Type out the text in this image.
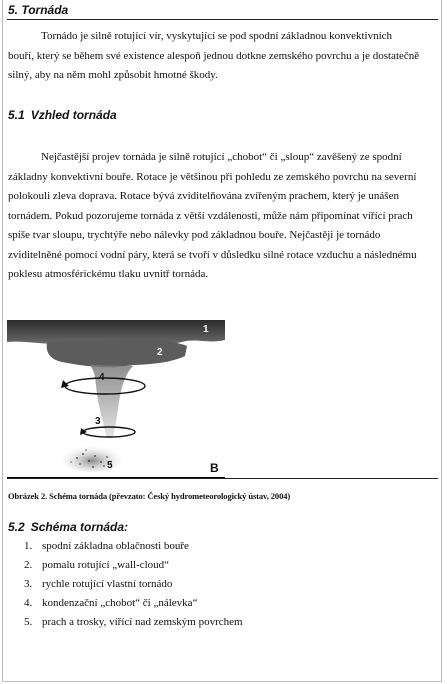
5. Tornáda
Tornádo je silně rotující vír, vyskytující se pod spodní základnou konvektivních
bouří, který se během své existence alespoň jednou dotkne zemského povrchu a je dostatečně
silný, aby na něm mohl způsobit hmotné škody.
5.1 Vzhled tornáda
Nejčastější projev tornáda je silně rotující „chobot“ či „sloup“ zavěšený ze spodní
základny konvektivní bouře. Rotace je většinou při pohledu ze zemského povrchu na severní
polokouli zleva doprava. Rotace bývá zviditelňována zvířeným prachem, který je unášen
tornádem. Pokud pozorujeme tornáda z větší vzdálenosti, může nám připomínat vířící prach
spíše tvar sloupu, trychtýře nebo nálevky pod základnou bouře. Nejčastěji je tornádo
zviditelněné pomocí vodní páry, která se tvoří v důsledku silné rotace vzduchu a následnému
poklesu atmosférickému tlaku uvnitř tornáda.
1
2
4
3
5	B
Obrázek 2. Schéma tornáda (převzato: Český hydrometeorologický ústav, 2004)
5.2 Schéma tornáda:
1. spodní základna oblačnosti bouře
2. pomalu rotující „wall-cloud“
3. rychle rotující vlastní tornádo
4. kondenzační „chobot“ či „nálevka“
5. prach a trosky, vířící nad zemským povrchem
